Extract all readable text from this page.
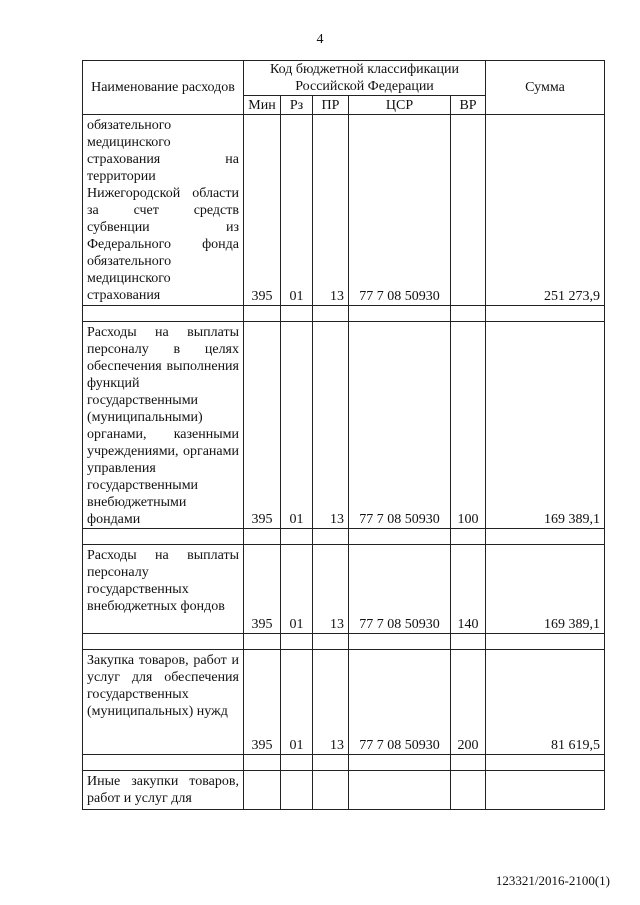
4
Наименование расходов	Код бюджетной классификации Российской Федерации					Сумма
	Мин	Рз	ПР	ЦСР	ВР	
обязательного медицинского страхования на территории Нижегородской области за счет средств субвенции из Федерального фонда обязательного медицинского страхования	395	01	13	77 7 08 50930		251 273,9

Расходы на выплаты персоналу в целях обеспечения выполнения функций государственными (муниципальными) органами, казенными учреждениями, органами управления государственными внебюджетными фондами	395	01	13	77 7 08 50930	100	169 389,1

Расходы на выплаты персоналу государственных внебюджетных фондов	395	01	13	77 7 08 50930	140	169 389,1

Закупка товаров, работ и услуг для обеспечения государственных (муниципальных) нужд	395	01	13	77 7 08 50930	200	81 619,5

Иные закупки товаров, работ и услуг для						
123321/2016-2100(1)
